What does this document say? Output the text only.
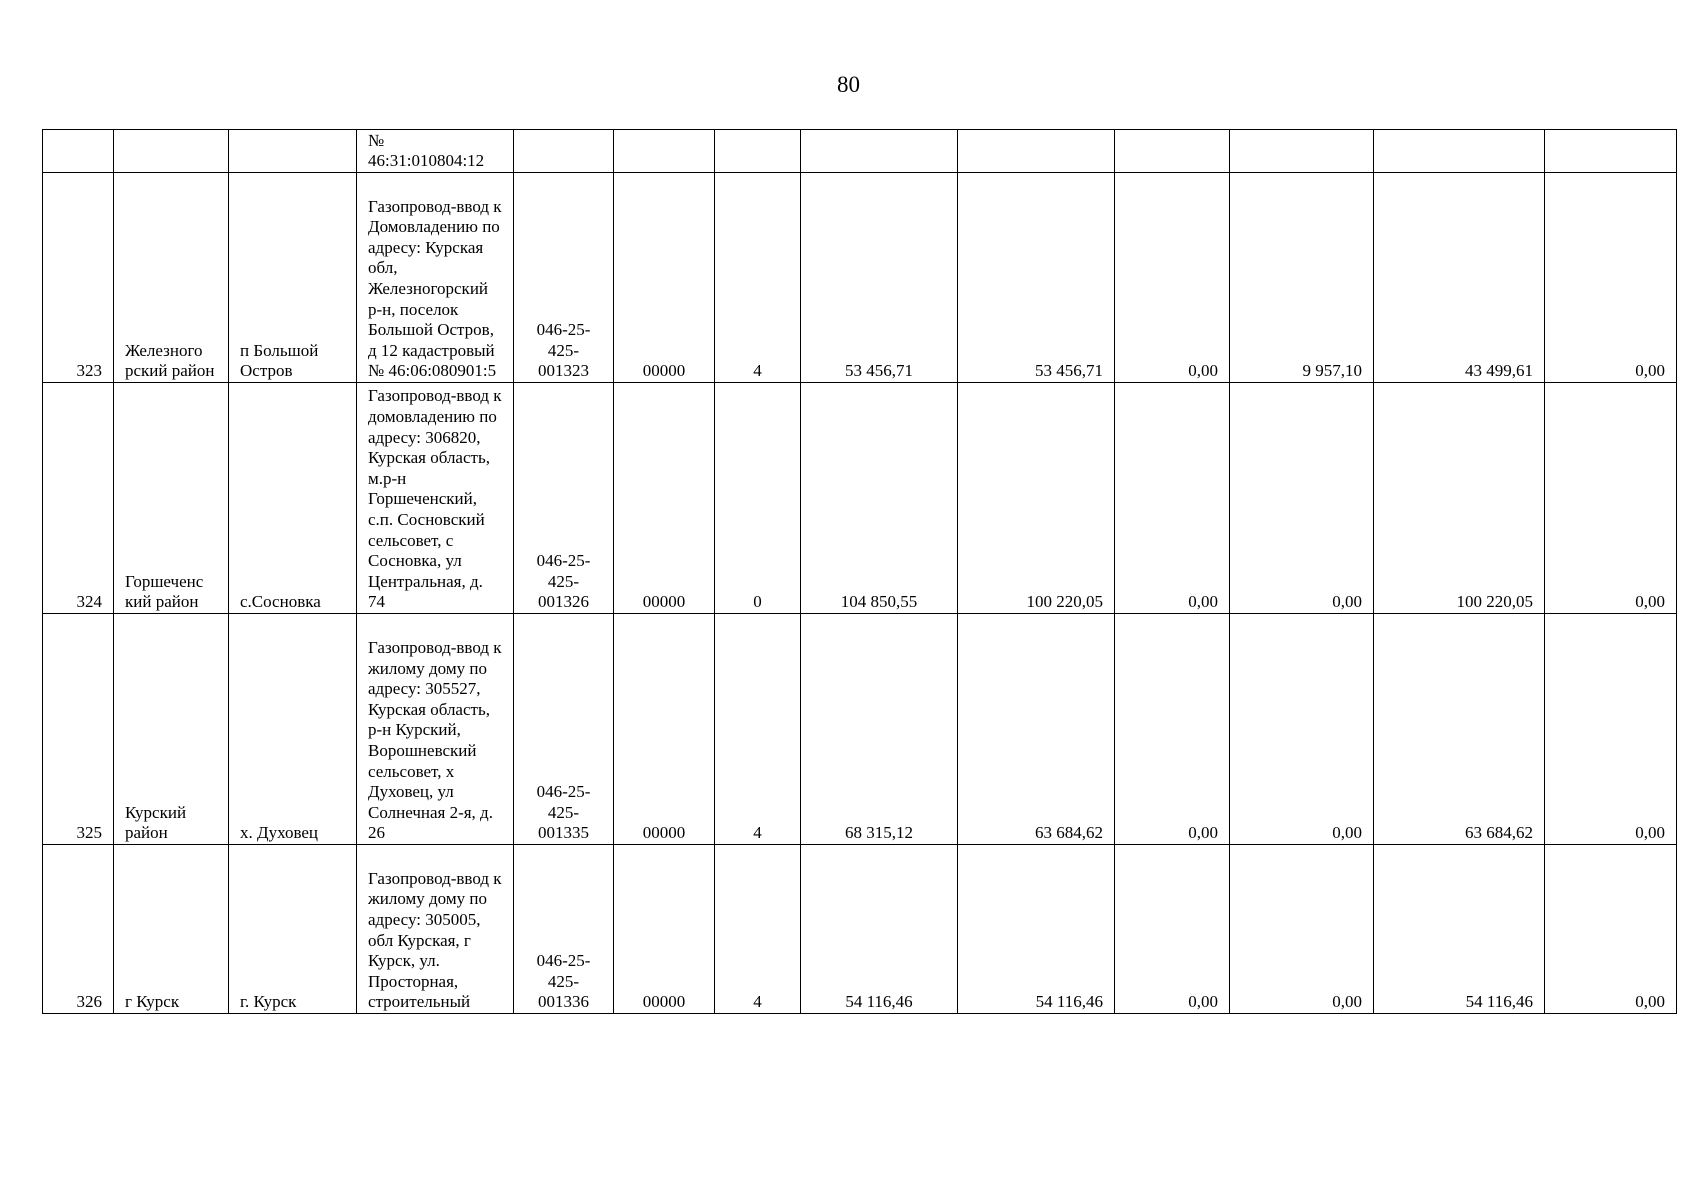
80
			№ 46:31:010804:12									
323	Железного рский район	п Большой Остров	Газопровод-ввод к Домовладению по адресу: Курская обл, Железногорский р-н, поселок Большой Остров, д 12 кадастровый № 46:06:080901:5	046-25- 425- 001323	00000	4	53 456,71	53 456,71	0,00	9 957,10	43 499,61	0,00
324	Горшеченс кий район	с.Сосновка	Газопровод-ввод к домовладению по адресу: 306820, Курская область, м.р-н Горшеченский, с.п. Сосновский сельсовет, с Сосновка, ул Центральная, д. 74	046-25- 425- 001326	00000	0	104 850,55	100 220,05	0,00	0,00	100 220,05	0,00
325	Курский район	х. Духовец	Газопровод-ввод к жилому дому по адресу: 305527, Курская область, р-н Курский, Ворошневский сельсовет, х Духовец, ул Солнечная 2-я, д. 26	046-25- 425- 001335	00000	4	68 315,12	63 684,62	0,00	0,00	63 684,62	0,00
326	г Курск	г. Курск	Газопровод-ввод к жилому дому по адресу: 305005, обл Курская, г Курск, ул. Просторная, строительный	046-25- 425- 001336	00000	4	54 116,46	54 116,46	0,00	0,00	54 116,46	0,00
